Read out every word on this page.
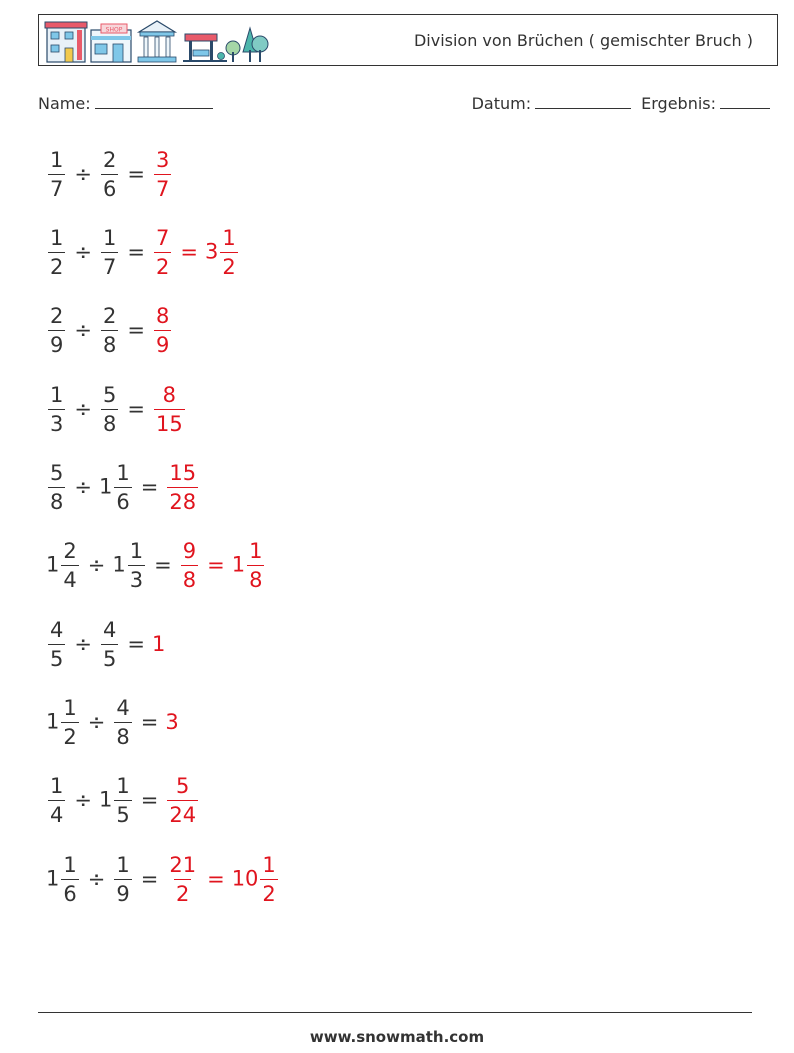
SHOP
Division von Brüchen ( gemischter Bruch )
Name:	Datum:	Ergebnis:
$\frac{1}{7} \div \frac{2}{6} = \frac{3}{7}$
$\frac{1}{2} \div \frac{1}{7} = \frac{7}{2} = 3 \frac{1}{2}$
$\frac{2}{9} \div \frac{2}{8} = \frac{8}{9}$
$\frac{1}{3} \div \frac{5}{8} = \frac{8}{15}$
$\frac{5}{8} \div 1 \frac{1}{6} = \frac{15}{28}$
$1 \frac{2}{4} \div 1 \frac{1}{3} = \frac{9}{8} = 1 \frac{1}{8}$
$\frac{4}{5} \div \frac{4}{5} = 1$
$1 \frac{1}{2} \div \frac{4}{8} = 3$
$\frac{1}{4} \div 1 \frac{1}{5} = \frac{5}{24}$
$1 \frac{1}{6} \div \frac{1}{9} = \frac{21}{2} = 10 \frac{1}{2}$
www.snowmath.com
